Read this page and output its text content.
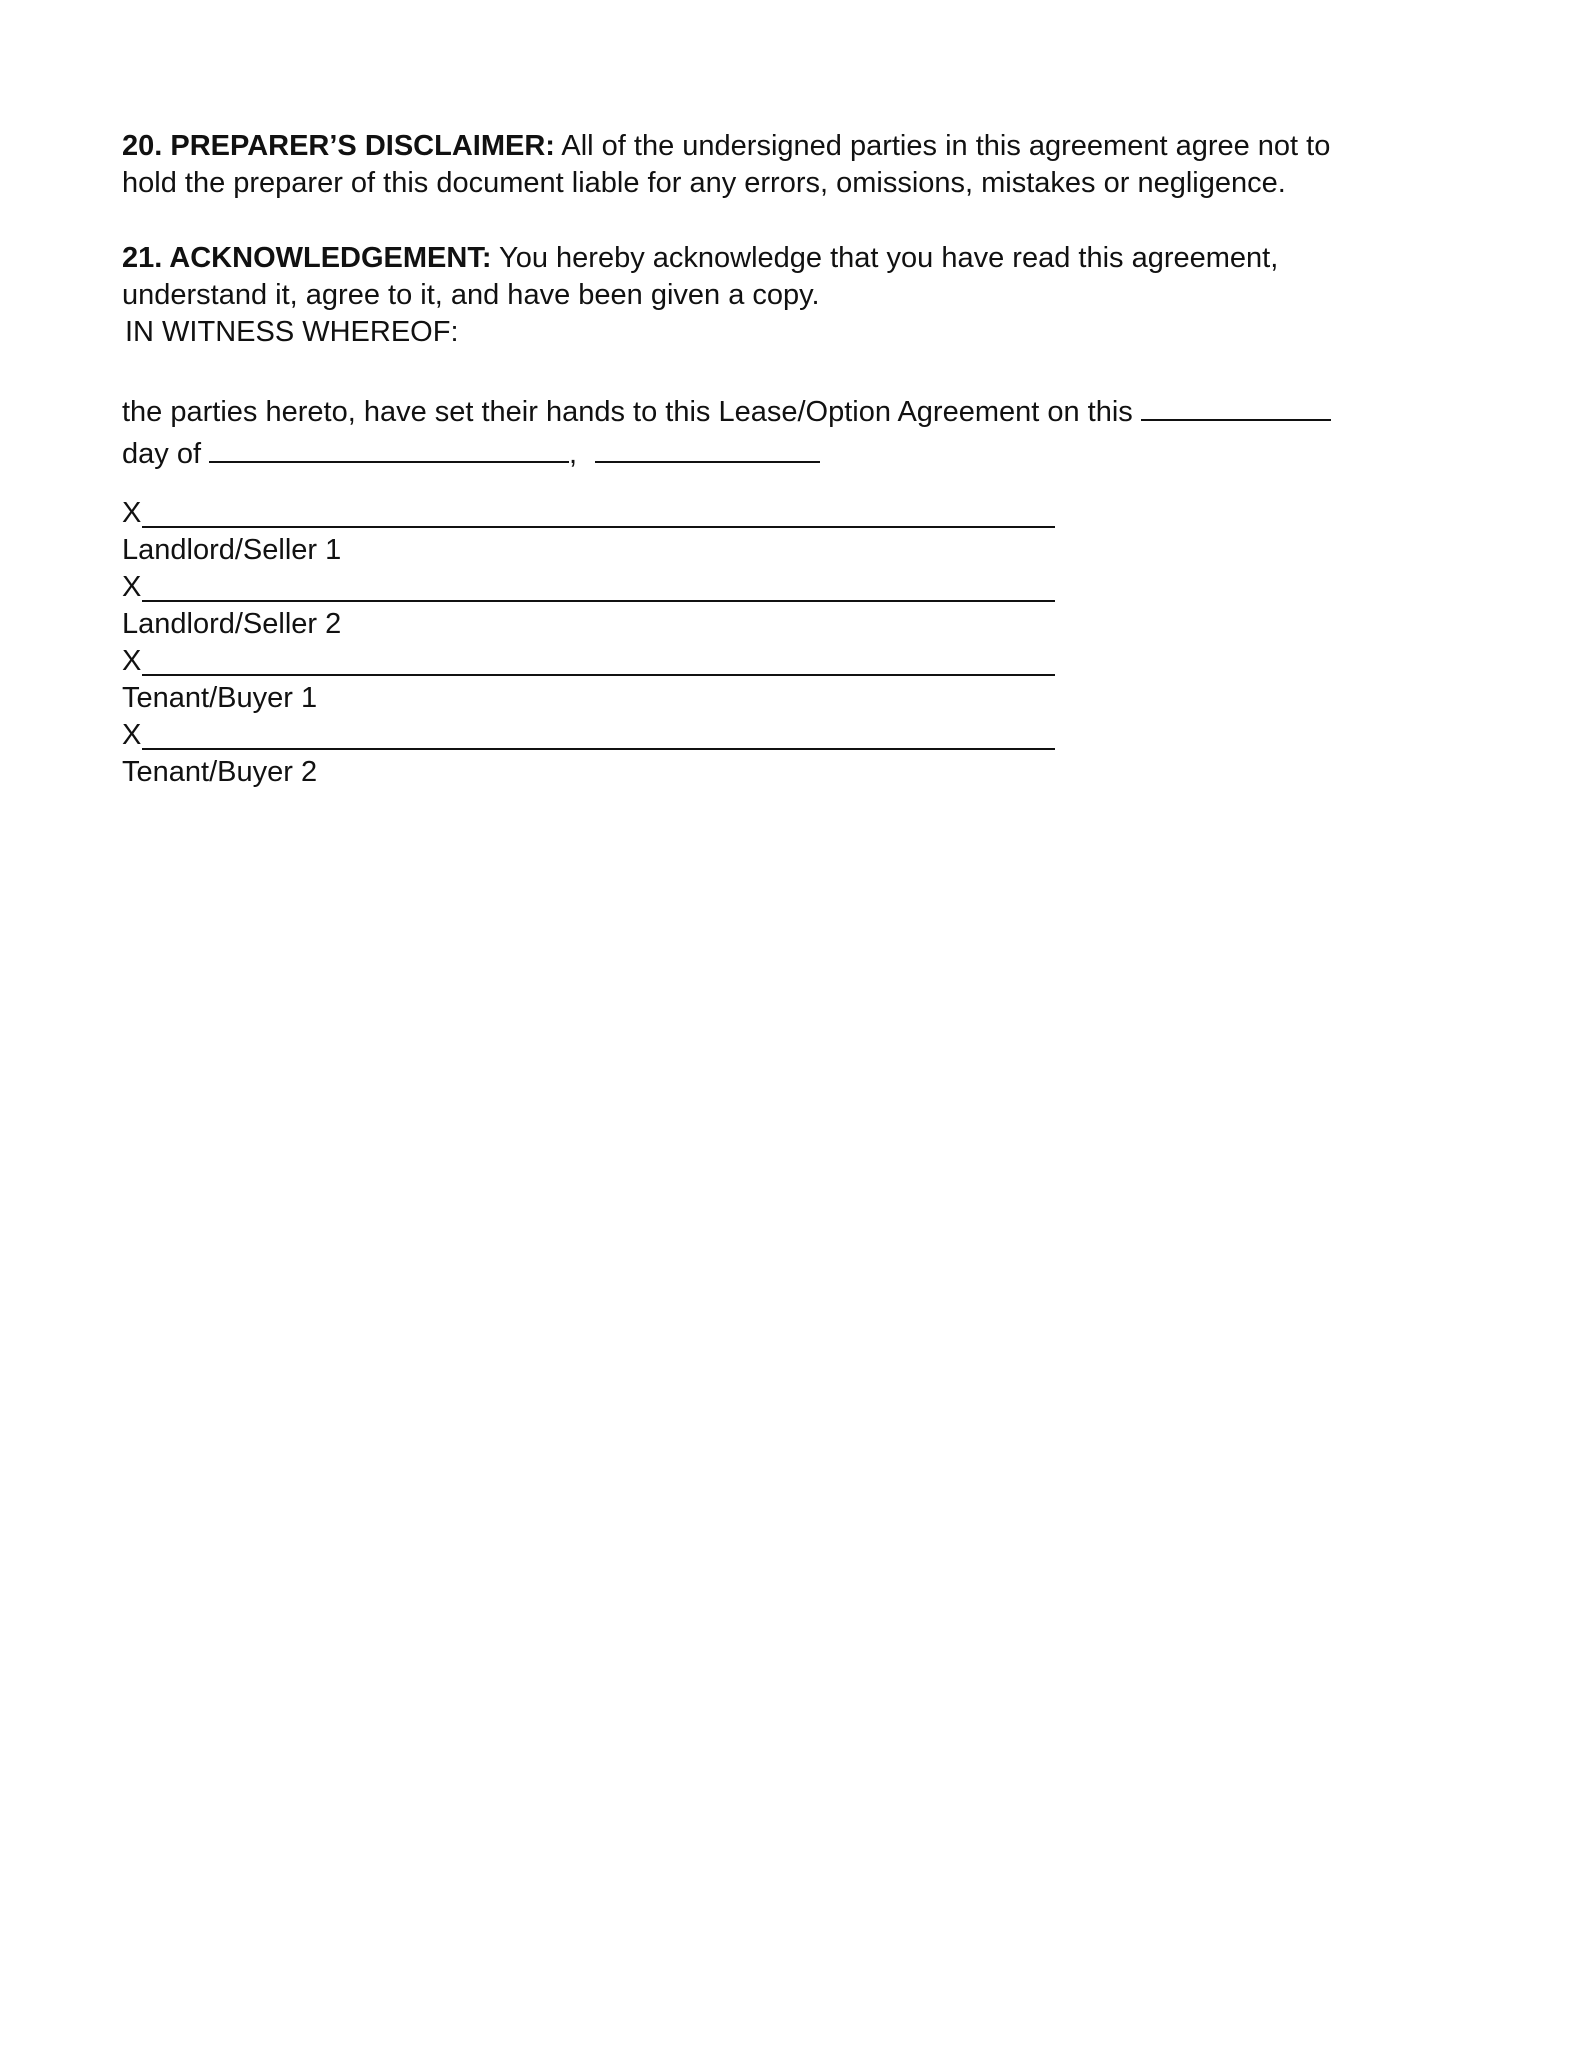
20. PREPARER’S DISCLAIMER: All of the undersigned parties in this agreement agree not to
hold the preparer of this document liable for any errors, omissions, mistakes or negligence.

21. ACKNOWLEDGEMENT: You hereby acknowledge that you have read this agreement,
understand it, agree to it, and have been given a copy.
IN WITNESS WHEREOF:

the parties hereto, have set their hands to this Lease/Option Agreement on this
day of	,

X
Landlord/Seller 1
X
Landlord/Seller 2
X
Tenant/Buyer 1
X
Tenant/Buyer 2
